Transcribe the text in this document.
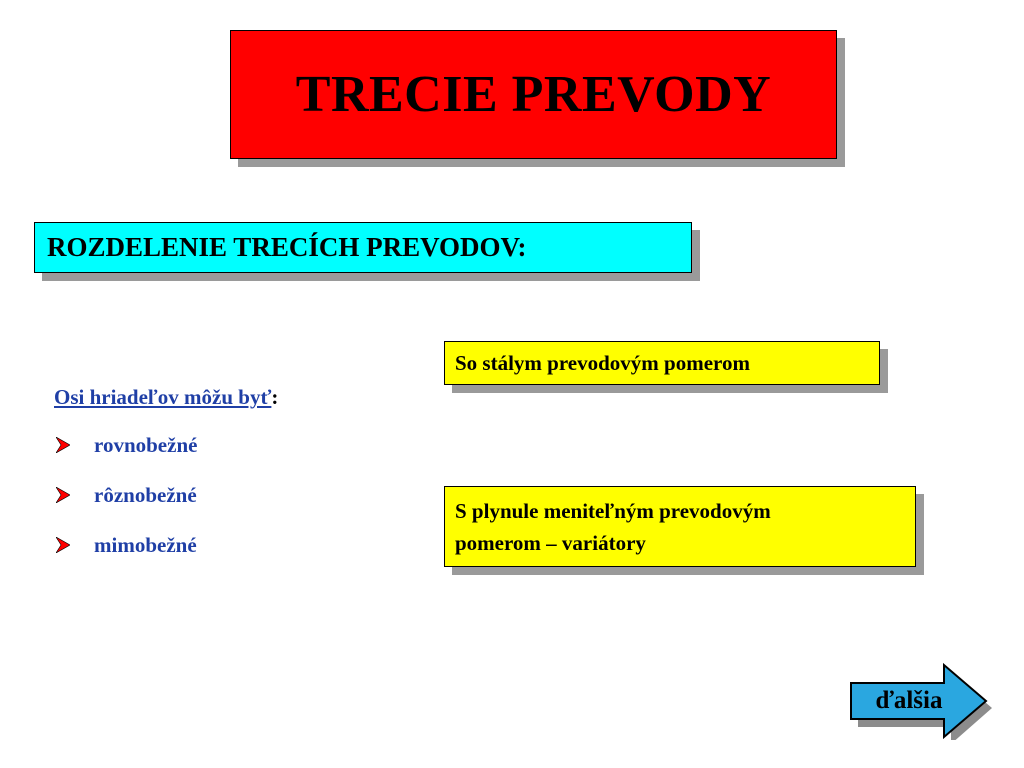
TRECIE PREVODY
ROZDELENIE TRECÍCH PREVODOV:

Osi hriadeľov môžu byť:

rovnobežné
rôznobežné
mimobežné
So stálym prevodovým pomerom
S plynule meniteľným prevodovým
pomerom – variátory
ďalšia
